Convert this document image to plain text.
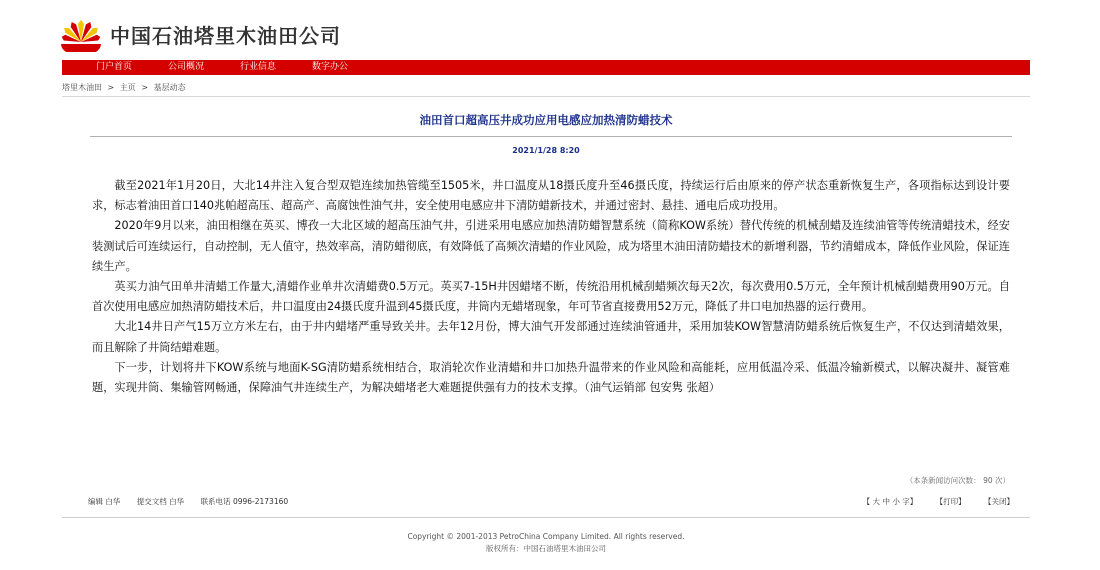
中国石油塔里木油田公司
门户首页	公司概况	行业信息	数字办公
塔里木油田 > 主页 > 基层动态
油田首口超高压井成功应用电感应加热清防蜡技术
2021/1/28 8:20

截至2021年1月20日，大北14井注入复合型双铠连续加热管缆至1505米，井口温度从18摄氏度升至46摄氏度，持续运行后由原来的停产状态重新恢复生产，各项指标达到设计要求，标志着油田首口140兆帕超高压、超高产、高腐蚀性油气井，安全使用电感应井下清防蜡新技术，并通过密封、悬挂、通电后成功投用。

2020年9月以来，油田相继在英买、博孜一大北区域的超高压油气井，引进采用电感应加热清防蜡智慧系统（简称KOW系统）替代传统的机械刮蜡及连续油管等传统清蜡技术，经安装测试后可连续运行，自动控制，无人值守，热效率高，清防蜡彻底，有效降低了高频次清蜡的作业风险，成为塔里木油田清防蜡技术的新增利器，节约清蜡成本，降低作业风险，保证连续生产。

英买力油气田单井清蜡工作量大,清蜡作业单井次清蜡费0.5万元。英买7-15H井因蜡堵不断，传统沿用机械刮蜡频次每天2次，每次费用0.5万元，全年预计机械刮蜡费用90万元。自首次使用电感应加热清防蜡技术后，井口温度由24摄氏度升温到45摄氏度，井筒内无蜡堵现象，年可节省直接费用52万元，降低了井口电加热器的运行费用。

大北14井日产气15万立方米左右，由于井内蜡堵严重导致关井。去年12月份，博大油气开发部通过连续油管通井，采用加装KOW智慧清防蜡系统后恢复生产，不仅达到清蜡效果，而且解除了井筒结蜡难题。

下一步，计划将井下KOW系统与地面K-SG清防蜡系统相结合，取消轮次作业清蜡和井口加热升温带来的作业风险和高能耗，应用低温冷采、低温冷输新模式，以解决凝井、凝管难题，实现井筒、集输管网畅通，保障油气井连续生产，为解决蜡堵老大难题提供强有力的技术支撑。（油气运销部 包安隽 张超）

（本条新闻访问次数： 90 次）
编辑 白华 提交文档 白华 联系电话 0996-2173160	【 大 中 小 字】 【打印】 【关闭】
Copyright © 2001-2013 PetroChina Company Limited. All rights reserved.
版权所有：中国石油塔里木油田公司
